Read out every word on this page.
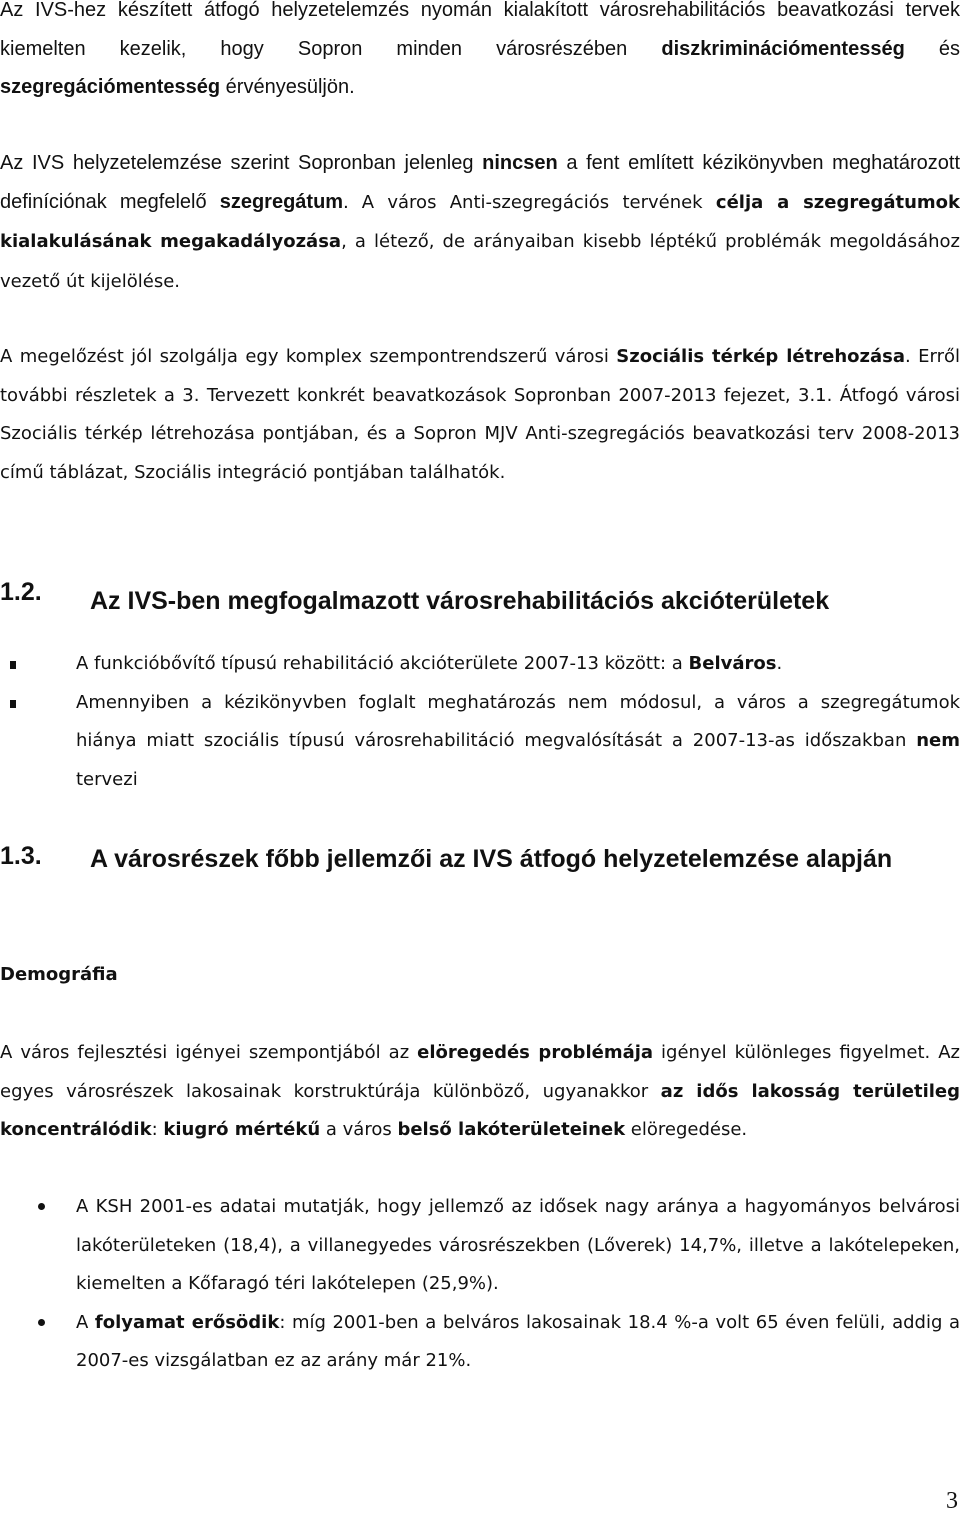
Az IVS-hez készített átfogó helyzetelemzés nyomán kialakított városrehabilitációs beavatkozási tervek kiemelten kezelik, hogy Sopron minden városrészében diszkriminációmentesség és szegregációmentesség érvényesüljön.

Az IVS helyzetelemzése szerint Sopronban jelenleg nincsen a fent említett kézikönyvben meghatározott definíciónak megfelelő szegregátum. A város Anti-szegregációs tervének célja a szegregátumok kialakulásának megakadályozása, a létező, de arányaiban kisebb léptékű problémák megoldásához vezető út kijelölése.

A megelőzést jól szolgálja egy komplex szempontrendszerű városi Szociális térkép létrehozása. Erről további részletek a 3. Tervezett konkrét beavatkozások Sopronban 2007-2013 fejezet, 3.1. Átfogó városi Szociális térkép létrehozása pontjában, és a Sopron MJV Anti-szegregációs beavatkozási terv 2008-2013 című táblázat, Szociális integráció pontjában találhatók.

1.2. Az IVS-ben megfogalmazott városrehabilitációs akcióterületek
A funkcióbővítő típusú rehabilitáció akcióterülete 2007-13 között: a Belváros.
Amennyiben a kézikönyvben foglalt meghatározás nem módosul, a város a szegregátumok hiánya miatt szociális típusú városrehabilitáció megvalósítását a 2007-13-as időszakban nem tervezi
1.3. A városrészek főbb jellemzői az IVS átfogó helyzetelemzése alapján

Demográfia

A város fejlesztési igényei szempontjából az elöregedés problémája igényel különleges figyelmet. Az egyes városrészek lakosainak korstruktúrája különböző, ugyanakkor az idős lakosság területileg koncentrálódik: kiugró mértékű a város belső lakóterületeinek elöregedése.

A KSH 2001-es adatai mutatják, hogy jellemző az idősek nagy aránya a hagyományos belvárosi lakóterületeken (18,4), a villanegyedes városrészekben (Lőverek) 14,7%, illetve a lakótelepeken, kiemelten a Kőfaragó téri lakótelepen (25,9%).
A folyamat erősödik: míg 2001-ben a belváros lakosainak 18.4 %-a volt 65 éven felüli, addig a 2007-es vizsgálatban ez az arány már 21%.
3
